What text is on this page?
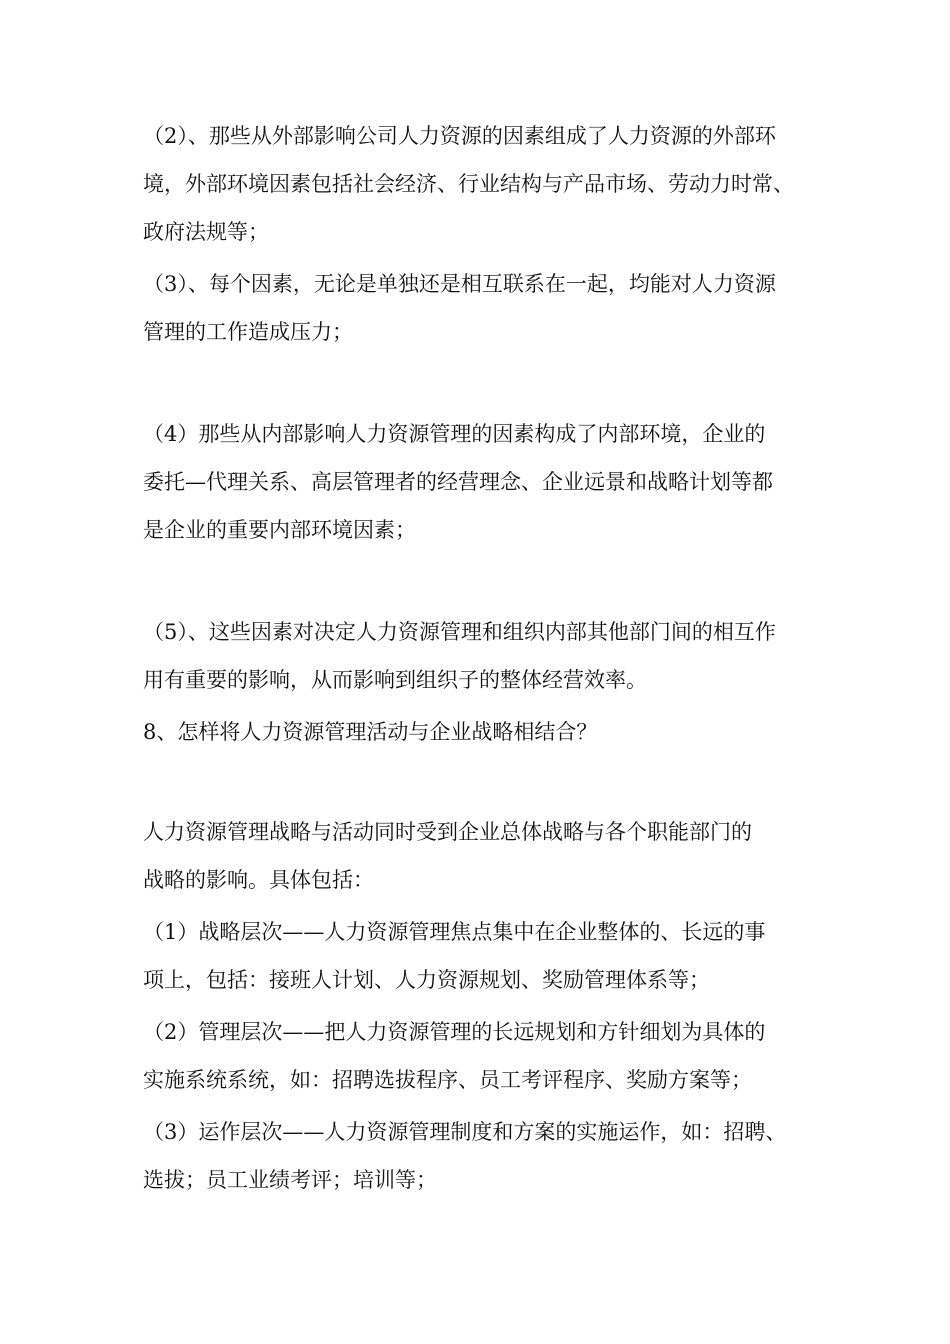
（2）、那些从外部影响公司人力资源的因素组成了人力资源的外部环
境，外部环境因素包括社会经济、行业结构与产品市场、劳动力时常、
政府法规等；
（3）、每个因素，无论是单独还是相互联系在一起，均能对人力资源
管理的工作造成压力；
（4）那些从内部影响人力资源管理的因素构成了内部环境，企业的
委托—代理关系、高层管理者的经营理念、企业远景和战略计划等都
是企业的重要内部环境因素；
（5）、这些因素对决定人力资源管理和组织内部其他部门间的相互作
用有重要的影响，从而影响到组织子的整体经营效率。
8、怎样将人力资源管理活动与企业战略相结合？
人力资源管理战略与活动同时受到企业总体战略与各个职能部门的
战略的影响。具体包括：
（1）战略层次——人力资源管理焦点集中在企业整体的、长远的事
项上，包括：接班人计划、人力资源规划、奖励管理体系等；
（2）管理层次——把人力资源管理的长远规划和方针细划为具体的
实施系统系统，如：招聘选拔程序、员工考评程序、奖励方案等；
（3）运作层次——人力资源管理制度和方案的实施运作，如：招聘、
选拔；员工业绩考评；培训等；
